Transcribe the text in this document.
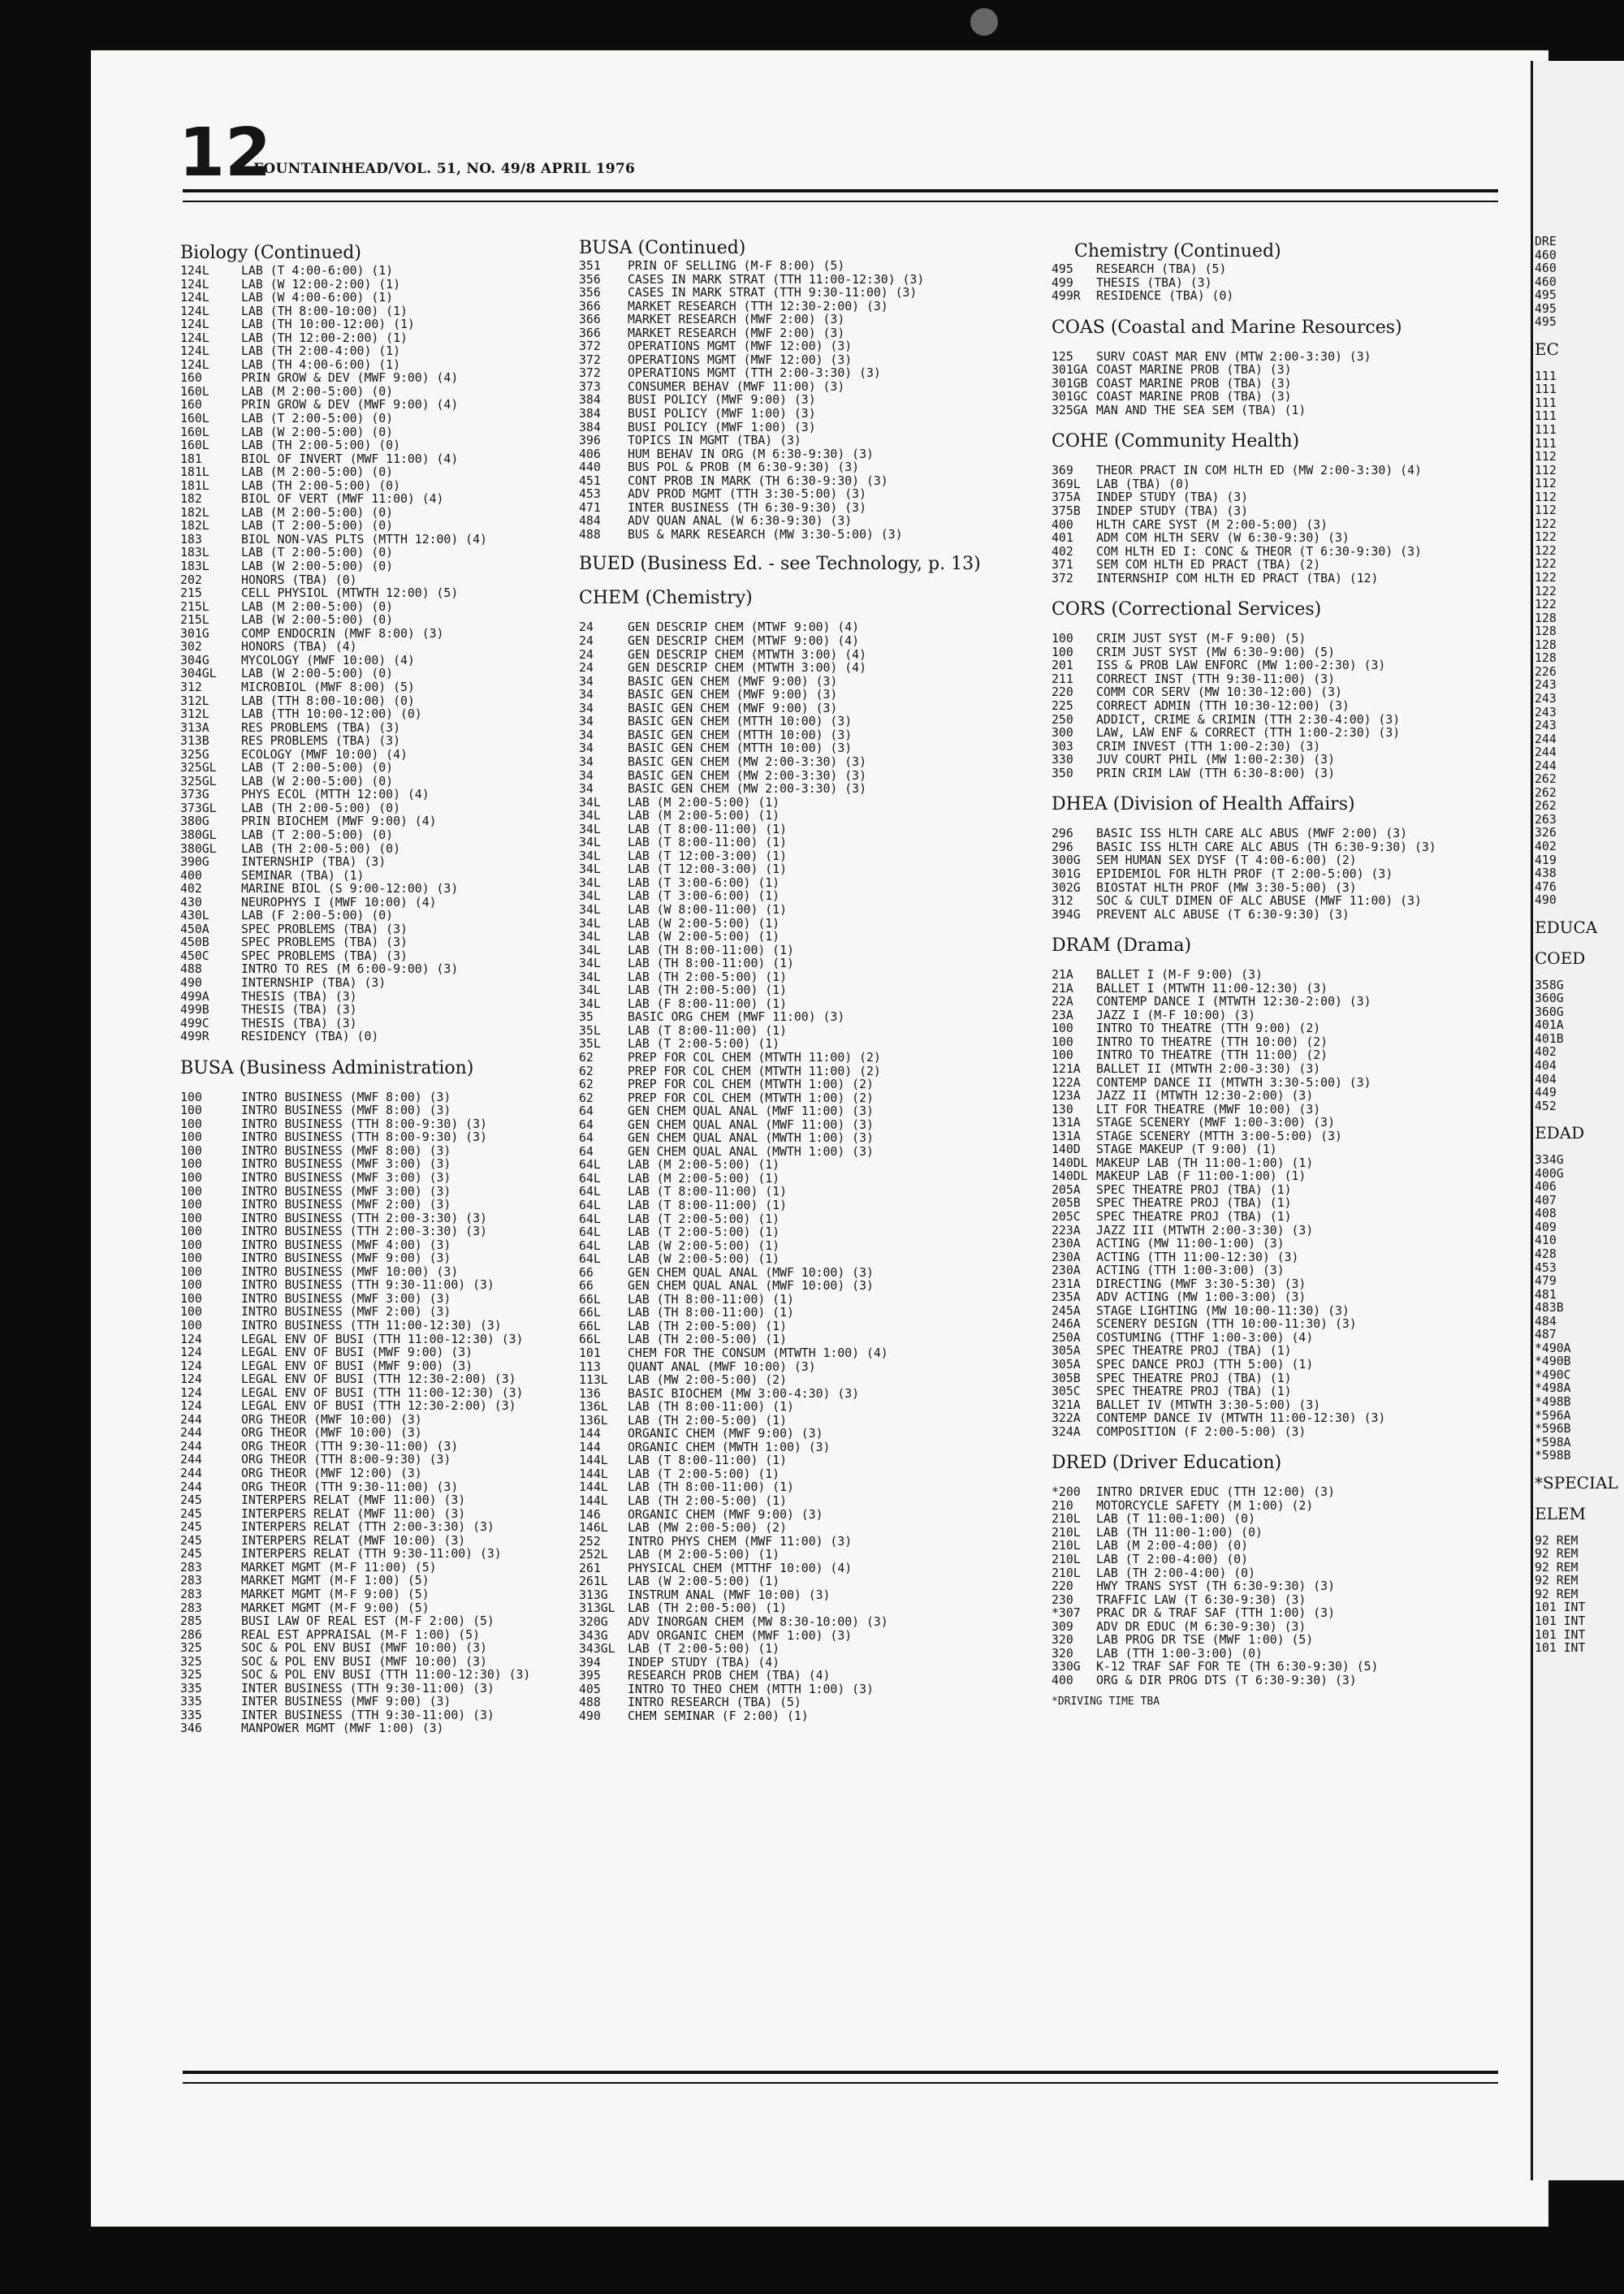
12
FOUNTAINHEAD/VOL. 51, NO. 49/8 APRIL 1976
Biology (Continued)
124L	LAB (T 4:00-6:00) (1)
124L	LAB (W 12:00-2:00) (1)
124L	LAB (W 4:00-6:00) (1)
124L	LAB (TH 8:00-10:00) (1)
124L	LAB (TH 10:00-12:00) (1)
124L	LAB (TH 12:00-2:00) (1)
124L	LAB (TH 2:00-4:00) (1)
124L	LAB (TH 4:00-6:00) (1)
160	PRIN GROW & DEV (MWF 9:00) (4)
160L	LAB (M 2:00-5:00) (0)
160	PRIN GROW & DEV (MWF 9:00) (4)
160L	LAB (T 2:00-5:00) (0)
160L	LAB (W 2:00-5:00) (0)
160L	LAB (TH 2:00-5:00) (0)
181	BIOL OF INVERT (MWF 11:00) (4)
181L	LAB (M 2:00-5:00) (0)
181L	LAB (TH 2:00-5:00) (0)
182	BIOL OF VERT (MWF 11:00) (4)
182L	LAB (M 2:00-5:00) (0)
182L	LAB (T 2:00-5:00) (0)
183	BIOL NON-VAS PLTS (MTTH 12:00) (4)
183L	LAB (T 2:00-5:00) (0)
183L	LAB (W 2:00-5:00) (0)
202	HONORS (TBA) (0)
215	CELL PHYSIOL (MTWTH 12:00) (5)
215L	LAB (M 2:00-5:00) (0)
215L	LAB (W 2:00-5:00) (0)
301G	COMP ENDOCRIN (MWF 8:00) (3)
302	HONORS (TBA) (4)
304G	MYCOLOGY (MWF 10:00) (4)
304GL	LAB (W 2:00-5:00) (0)
312	MICROBIOL (MWF 8:00) (5)
312L	LAB (TTH 8:00-10:00) (0)
312L	LAB (TTH 10:00-12:00) (0)
313A	RES PROBLEMS (TBA) (3)
313B	RES PROBLEMS (TBA) (3)
325G	ECOLOGY (MWF 10:00) (4)
325GL	LAB (T 2:00-5:00) (0)
325GL	LAB (W 2:00-5:00) (0)
373G	PHYS ECOL (MTTH 12:00) (4)
373GL	LAB (TH 2:00-5:00) (0)
380G	PRIN BIOCHEM (MWF 9:00) (4)
380GL	LAB (T 2:00-5:00) (0)
380GL	LAB (TH 2:00-5:00) (0)
390G	INTERNSHIP (TBA) (3)
400	SEMINAR (TBA) (1)
402	MARINE BIOL (S 9:00-12:00) (3)
430	NEUROPHYS I (MWF 10:00) (4)
430L	LAB (F 2:00-5:00) (0)
450A	SPEC PROBLEMS (TBA) (3)
450B	SPEC PROBLEMS (TBA) (3)
450C	SPEC PROBLEMS (TBA) (3)
488	INTRO TO RES (M 6:00-9:00) (3)
490	INTERNSHIP (TBA) (3)
499A	THESIS (TBA) (3)
499B	THESIS (TBA) (3)
499C	THESIS (TBA) (3)
499R	RESIDENCY (TBA) (0)
BUSA (Business Administration)
100	INTRO BUSINESS (MWF 8:00) (3)
100	INTRO BUSINESS (MWF 8:00) (3)
100	INTRO BUSINESS (TTH 8:00-9:30) (3)
100	INTRO BUSINESS (TTH 8:00-9:30) (3)
100	INTRO BUSINESS (MWF 8:00) (3)
100	INTRO BUSINESS (MWF 3:00) (3)
100	INTRO BUSINESS (MWF 3:00) (3)
100	INTRO BUSINESS (MWF 3:00) (3)
100	INTRO BUSINESS (MWF 2:00) (3)
100	INTRO BUSINESS (TTH 2:00-3:30) (3)
100	INTRO BUSINESS (TTH 2:00-3:30) (3)
100	INTRO BUSINESS (MWF 4:00) (3)
100	INTRO BUSINESS (MWF 9:00) (3)
100	INTRO BUSINESS (MWF 10:00) (3)
100	INTRO BUSINESS (TTH 9:30-11:00) (3)
100	INTRO BUSINESS (MWF 3:00) (3)
100	INTRO BUSINESS (MWF 2:00) (3)
100	INTRO BUSINESS (TTH 11:00-12:30) (3)
124	LEGAL ENV OF BUSI (TTH 11:00-12:30) (3)
124	LEGAL ENV OF BUSI (MWF 9:00) (3)
124	LEGAL ENV OF BUSI (MWF 9:00) (3)
124	LEGAL ENV OF BUSI (TTH 12:30-2:00) (3)
124	LEGAL ENV OF BUSI (TTH 11:00-12:30) (3)
124	LEGAL ENV OF BUSI (TTH 12:30-2:00) (3)
244	ORG THEOR (MWF 10:00) (3)
244	ORG THEOR (MWF 10:00) (3)
244	ORG THEOR (TTH 9:30-11:00) (3)
244	ORG THEOR (TTH 8:00-9:30) (3)
244	ORG THEOR (MWF 12:00) (3)
244	ORG THEOR (TTH 9:30-11:00) (3)
245	INTERPERS RELAT (MWF 11:00) (3)
245	INTERPERS RELAT (MWF 11:00) (3)
245	INTERPERS RELAT (TTH 2:00-3:30) (3)
245	INTERPERS RELAT (MWF 10:00) (3)
245	INTERPERS RELAT (TTH 9:30-11:00) (3)
283	MARKET MGMT (M-F 11:00) (5)
283	MARKET MGMT (M-F 1:00) (5)
283	MARKET MGMT (M-F 9:00) (5)
283	MARKET MGMT (M-F 9:00) (5)
285	BUSI LAW OF REAL EST (M-F 2:00) (5)
286	REAL EST APPRAISAL (M-F 1:00) (5)
325	SOC & POL ENV BUSI (MWF 10:00) (3)
325	SOC & POL ENV BUSI (MWF 10:00) (3)
325	SOC & POL ENV BUSI (TTH 11:00-12:30) (3)
335	INTER BUSINESS (TTH 9:30-11:00) (3)
335	INTER BUSINESS (MWF 9:00) (3)
335	INTER BUSINESS (TTH 9:30-11:00) (3)
346	MANPOWER MGMT (MWF 1:00) (3)
BUSA (Continued)
351	PRIN OF SELLING (M-F 8:00) (5)
356	CASES IN MARK STRAT (TTH 11:00-12:30) (3)
356	CASES IN MARK STRAT (TTH 9:30-11:00) (3)
366	MARKET RESEARCH (TTH 12:30-2:00) (3)
366	MARKET RESEARCH (MWF 2:00) (3)
366	MARKET RESEARCH (MWF 2:00) (3)
372	OPERATIONS MGMT (MWF 12:00) (3)
372	OPERATIONS MGMT (MWF 12:00) (3)
372	OPERATIONS MGMT (TTH 2:00-3:30) (3)
373	CONSUMER BEHAV (MWF 11:00) (3)
384	BUSI POLICY (MWF 9:00) (3)
384	BUSI POLICY (MWF 1:00) (3)
384	BUSI POLICY (MWF 1:00) (3)
396	TOPICS IN MGMT (TBA) (3)
406	HUM BEHAV IN ORG (M 6:30-9:30) (3)
440	BUS POL & PROB (M 6:30-9:30) (3)
451	CONT PROB IN MARK (TH 6:30-9:30) (3)
453	ADV PROD MGMT (TTH 3:30-5:00) (3)
471	INTER BUSINESS (TH 6:30-9:30) (3)
484	ADV QUAN ANAL (W 6:30-9:30) (3)
488	BUS & MARK RESEARCH (MW 3:30-5:00) (3)
BUED (Business Ed. - see Technology, p. 13)
CHEM (Chemistry)
24	GEN DESCRIP CHEM (MTWF 9:00) (4)
24	GEN DESCRIP CHEM (MTWF 9:00) (4)
24	GEN DESCRIP CHEM (MTWTH 3:00) (4)
24	GEN DESCRIP CHEM (MTWTH 3:00) (4)
34	BASIC GEN CHEM (MWF 9:00) (3)
34	BASIC GEN CHEM (MWF 9:00) (3)
34	BASIC GEN CHEM (MWF 9:00) (3)
34	BASIC GEN CHEM (MTTH 10:00) (3)
34	BASIC GEN CHEM (MTTH 10:00) (3)
34	BASIC GEN CHEM (MTTH 10:00) (3)
34	BASIC GEN CHEM (MW 2:00-3:30) (3)
34	BASIC GEN CHEM (MW 2:00-3:30) (3)
34	BASIC GEN CHEM (MW 2:00-3:30) (3)
34L	LAB (M 2:00-5:00) (1)
34L	LAB (M 2:00-5:00) (1)
34L	LAB (T 8:00-11:00) (1)
34L	LAB (T 8:00-11:00) (1)
34L	LAB (T 12:00-3:00) (1)
34L	LAB (T 12:00-3:00) (1)
34L	LAB (T 3:00-6:00) (1)
34L	LAB (T 3:00-6:00) (1)
34L	LAB (W 8:00-11:00) (1)
34L	LAB (W 2:00-5:00) (1)
34L	LAB (W 2:00-5:00) (1)
34L	LAB (TH 8:00-11:00) (1)
34L	LAB (TH 8:00-11:00) (1)
34L	LAB (TH 2:00-5:00) (1)
34L	LAB (TH 2:00-5:00) (1)
34L	LAB (F 8:00-11:00) (1)
35	BASIC ORG CHEM (MWF 11:00) (3)
35L	LAB (T 8:00-11:00) (1)
35L	LAB (T 2:00-5:00) (1)
62	PREP FOR COL CHEM (MTWTH 11:00) (2)
62	PREP FOR COL CHEM (MTWTH 11:00) (2)
62	PREP FOR COL CHEM (MTWTH 1:00) (2)
62	PREP FOR COL CHEM (MTWTH 1:00) (2)
64	GEN CHEM QUAL ANAL (MWF 11:00) (3)
64	GEN CHEM QUAL ANAL (MWF 11:00) (3)
64	GEN CHEM QUAL ANAL (MWTH 1:00) (3)
64	GEN CHEM QUAL ANAL (MWTH 1:00) (3)
64L	LAB (M 2:00-5:00) (1)
64L	LAB (M 2:00-5:00) (1)
64L	LAB (T 8:00-11:00) (1)
64L	LAB (T 8:00-11:00) (1)
64L	LAB (T 2:00-5:00) (1)
64L	LAB (T 2:00-5:00) (1)
64L	LAB (W 2:00-5:00) (1)
64L	LAB (W 2:00-5:00) (1)
66	GEN CHEM QUAL ANAL (MWF 10:00) (3)
66	GEN CHEM QUAL ANAL (MWF 10:00) (3)
66L	LAB (TH 8:00-11:00) (1)
66L	LAB (TH 8:00-11:00) (1)
66L	LAB (TH 2:00-5:00) (1)
66L	LAB (TH 2:00-5:00) (1)
101	CHEM FOR THE CONSUM (MTWTH 1:00) (4)
113	QUANT ANAL (MWF 10:00) (3)
113L	LAB (MW 2:00-5:00) (2)
136	BASIC BIOCHEM (MW 3:00-4:30) (3)
136L	LAB (TH 8:00-11:00) (1)
136L	LAB (TH 2:00-5:00) (1)
144	ORGANIC CHEM (MWF 9:00) (3)
144	ORGANIC CHEM (MWTH 1:00) (3)
144L	LAB (T 8:00-11:00) (1)
144L	LAB (T 2:00-5:00) (1)
144L	LAB (TH 8:00-11:00) (1)
144L	LAB (TH 2:00-5:00) (1)
146	ORGANIC CHEM (MWF 9:00) (3)
146L	LAB (MW 2:00-5:00) (2)
252	INTRO PHYS CHEM (MWF 11:00) (3)
252L	LAB (M 2:00-5:00) (1)
261	PHYSICAL CHEM (MTTHF 10:00) (4)
261L	LAB (W 2:00-5:00) (1)
313G	INSTRUM ANAL (MWF 10:00) (3)
313GL	LAB (TH 2:00-5:00) (1)
320G	ADV INORGAN CHEM (MW 8:30-10:00) (3)
343G	ADV ORGANIC CHEM (MWF 1:00) (3)
343GL	LAB (T 2:00-5:00) (1)
394	INDEP STUDY (TBA) (4)
395	RESEARCH PROB CHEM (TBA) (4)
405	INTRO TO THEO CHEM (MTTH 1:00) (3)
488	INTRO RESEARCH (TBA) (5)
490	CHEM SEMINAR (F 2:00) (1)
Chemistry (Continued)
495	RESEARCH (TBA) (5)
499	THESIS (TBA) (3)
499R	RESIDENCE (TBA) (0)
COAS (Coastal and Marine Resources)
125	SURV COAST MAR ENV (MTW 2:00-3:30) (3)
301GA COAST MARINE PROB (TBA) (3)
301GB COAST MARINE PROB (TBA) (3)
301GC COAST MARINE PROB (TBA) (3)
325GA MAN AND THE SEA SEM (TBA) (1)
COHE (Community Health)
369	THEOR PRACT IN COM HLTH ED (MW 2:00-3:30) (4)
369L	LAB (TBA) (0)
375A	INDEP STUDY (TBA) (3)
375B	INDEP STUDY (TBA) (3)
400	HLTH CARE SYST (M 2:00-5:00) (3)
401	ADM COM HLTH SERV (W 6:30-9:30) (3)
402	COM HLTH ED I: CONC & THEOR (T 6:30-9:30) (3)
371	SEM COM HLTH ED PRACT (TBA) (2)
372	INTERNSHIP COM HLTH ED PRACT (TBA) (12)
CORS (Correctional Services)
100	CRIM JUST SYST (M-F 9:00) (5)
100	CRIM JUST SYST (MW 6:30-9:00) (5)
201	ISS & PROB LAW ENFORC (MW 1:00-2:30) (3)
211	CORRECT INST (TTH 9:30-11:00) (3)
220	COMM COR SERV (MW 10:30-12:00) (3)
225	CORRECT ADMIN (TTH 10:30-12:00) (3)
250	ADDICT, CRIME & CRIMIN (TTH 2:30-4:00) (3)
300	LAW, LAW ENF & CORRECT (TTH 1:00-2:30) (3)
303	CRIM INVEST (TTH 1:00-2:30) (3)
330	JUV COURT PHIL (MW 1:00-2:30) (3)
350	PRIN CRIM LAW (TTH 6:30-8:00) (3)
DHEA (Division of Health Affairs)
296	BASIC ISS HLTH CARE ALC ABUS (MWF 2:00) (3)
296	BASIC ISS HLTH CARE ALC ABUS (TH 6:30-9:30) (3)
300G	SEM HUMAN SEX DYSF (T 4:00-6:00) (2)
301G	EPIDEMIOL FOR HLTH PROF (T 2:00-5:00) (3)
302G	BIOSTAT HLTH PROF (MW 3:30-5:00) (3)
312	SOC & CULT DIMEN OF ALC ABUSE (MWF 11:00) (3)
394G	PREVENT ALC ABUSE (T 6:30-9:30) (3)
DRAM (Drama)
21A	BALLET I (M-F 9:00) (3)
21A	BALLET I (MTWTH 11:00-12:30) (3)
22A	CONTEMP DANCE I (MTWTH 12:30-2:00) (3)
23A	JAZZ I (M-F 10:00) (3)
100	INTRO TO THEATRE (TTH 9:00) (2)
100	INTRO TO THEATRE (TTH 10:00) (2)
100	INTRO TO THEATRE (TTH 11:00) (2)
121A	BALLET II (MTWTH 2:00-3:30) (3)
122A	CONTEMP DANCE II (MTWTH 3:30-5:00) (3)
123A	JAZZ II (MTWTH 12:30-2:00) (3)
130	LIT FOR THEATRE (MWF 10:00) (3)
131A	STAGE SCENERY (MWF 1:00-3:00) (3)
131A	STAGE SCENERY (MTTH 3:00-5:00) (3)
140D	STAGE MAKEUP (T 9:00) (1)
140DL MAKEUP LAB (TH 11:00-1:00) (1)
140DL MAKEUP LAB (F 11:00-1:00) (1)
205A	SPEC THEATRE PROJ (TBA) (1)
205B	SPEC THEATRE PROJ (TBA) (1)
205C	SPEC THEATRE PROJ (TBA) (1)
223A	JAZZ III (MTWTH 2:00-3:30) (3)
230A	ACTING (MW 11:00-1:00) (3)
230A	ACTING (TTH 11:00-12:30) (3)
230A	ACTING (TTH 1:00-3:00) (3)
231A	DIRECTING (MWF 3:30-5:30) (3)
235A	ADV ACTING (MW 1:00-3:00) (3)
245A	STAGE LIGHTING (MW 10:00-11:30) (3)
246A	SCENERY DESIGN (TTH 10:00-11:30) (3)
250A	COSTUMING (TTHF 1:00-3:00) (4)
305A	SPEC THEATRE PROJ (TBA) (1)
305A	SPEC DANCE PROJ (TTH 5:00) (1)
305B	SPEC THEATRE PROJ (TBA) (1)
305C	SPEC THEATRE PROJ (TBA) (1)
321A	BALLET IV (MTWTH 3:30-5:00) (3)
322A	CONTEMP DANCE IV (MTWTH 11:00-12:30) (3)
324A	COMPOSITION (F 2:00-5:00) (3)
DRED (Driver Education)
*200	INTRO DRIVER EDUC (TTH 12:00) (3)
210	MOTORCYCLE SAFETY (M 1:00) (2)
210L	LAB (T 11:00-1:00) (0)
210L	LAB (TH 11:00-1:00) (0)
210L	LAB (M 2:00-4:00) (0)
210L	LAB (T 2:00-4:00) (0)
210L	LAB (TH 2:00-4:00) (0)
220	HWY TRANS SYST (TH 6:30-9:30) (3)
230	TRAFFIC LAW (T 6:30-9:30) (3)
*307	PRAC DR & TRAF SAF (TTH 1:00) (3)
309	ADV DR EDUC (M 6:30-9:30) (3)
320	LAB PROG DR TSE (MWF 1:00) (5)
320	LAB (TTH 1:00-3:00) (0)
330G	K-12 TRAF SAF FOR TE (TH 6:30-9:30) (5)
400	ORG & DIR PROG DTS (T 6:30-9:30) (3)
*DRIVING TIME TBA
DRE
460
460
460
495
495
495
EC
111
111
111
111
111
111
112
112
112
112
112
122
122
122
122
122
122
122
128
128
128
128
226
243
243
243
243
244
244
244
262
262
262
263
326
402
419
438
476
490
EDUCA
COED
358G
360G
360G
401A
401B
402
404
404
449
452
EDAD
334G
400G
406
407
408
409
410
428
453
479
481
483B
484
487
*490A
*490B
*490C
*498A
*498B
*596A
*596B
*598A
*598B
*SPECIAL
ELEM
92 REM
92 REM
92 REM
92 REM
92 REM
101 INT
101 INT
101 INT
101 INT
